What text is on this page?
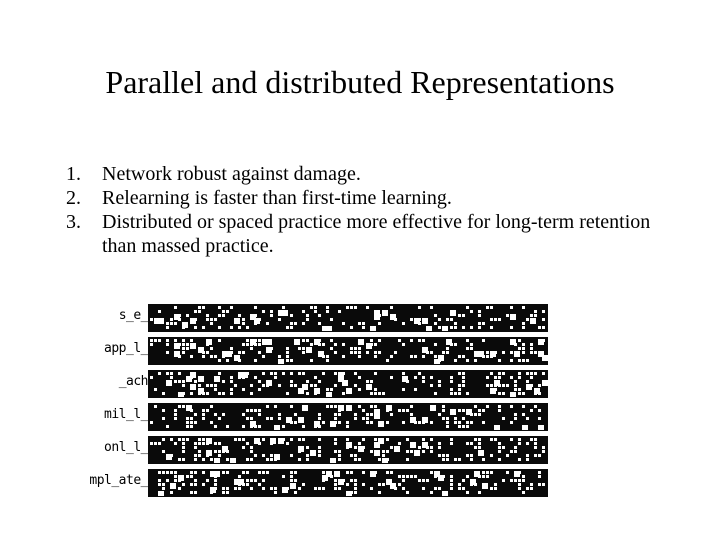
Parallel and distributed Representations
1. Network robust against damage.
2. Relearning is faster than first-time learning.
3. Distributed or spaced practice more effective for long-term retention than massed practice.
s_e_
app_l_
_ach
mil_l_
onl_l_
mpl_ate_
